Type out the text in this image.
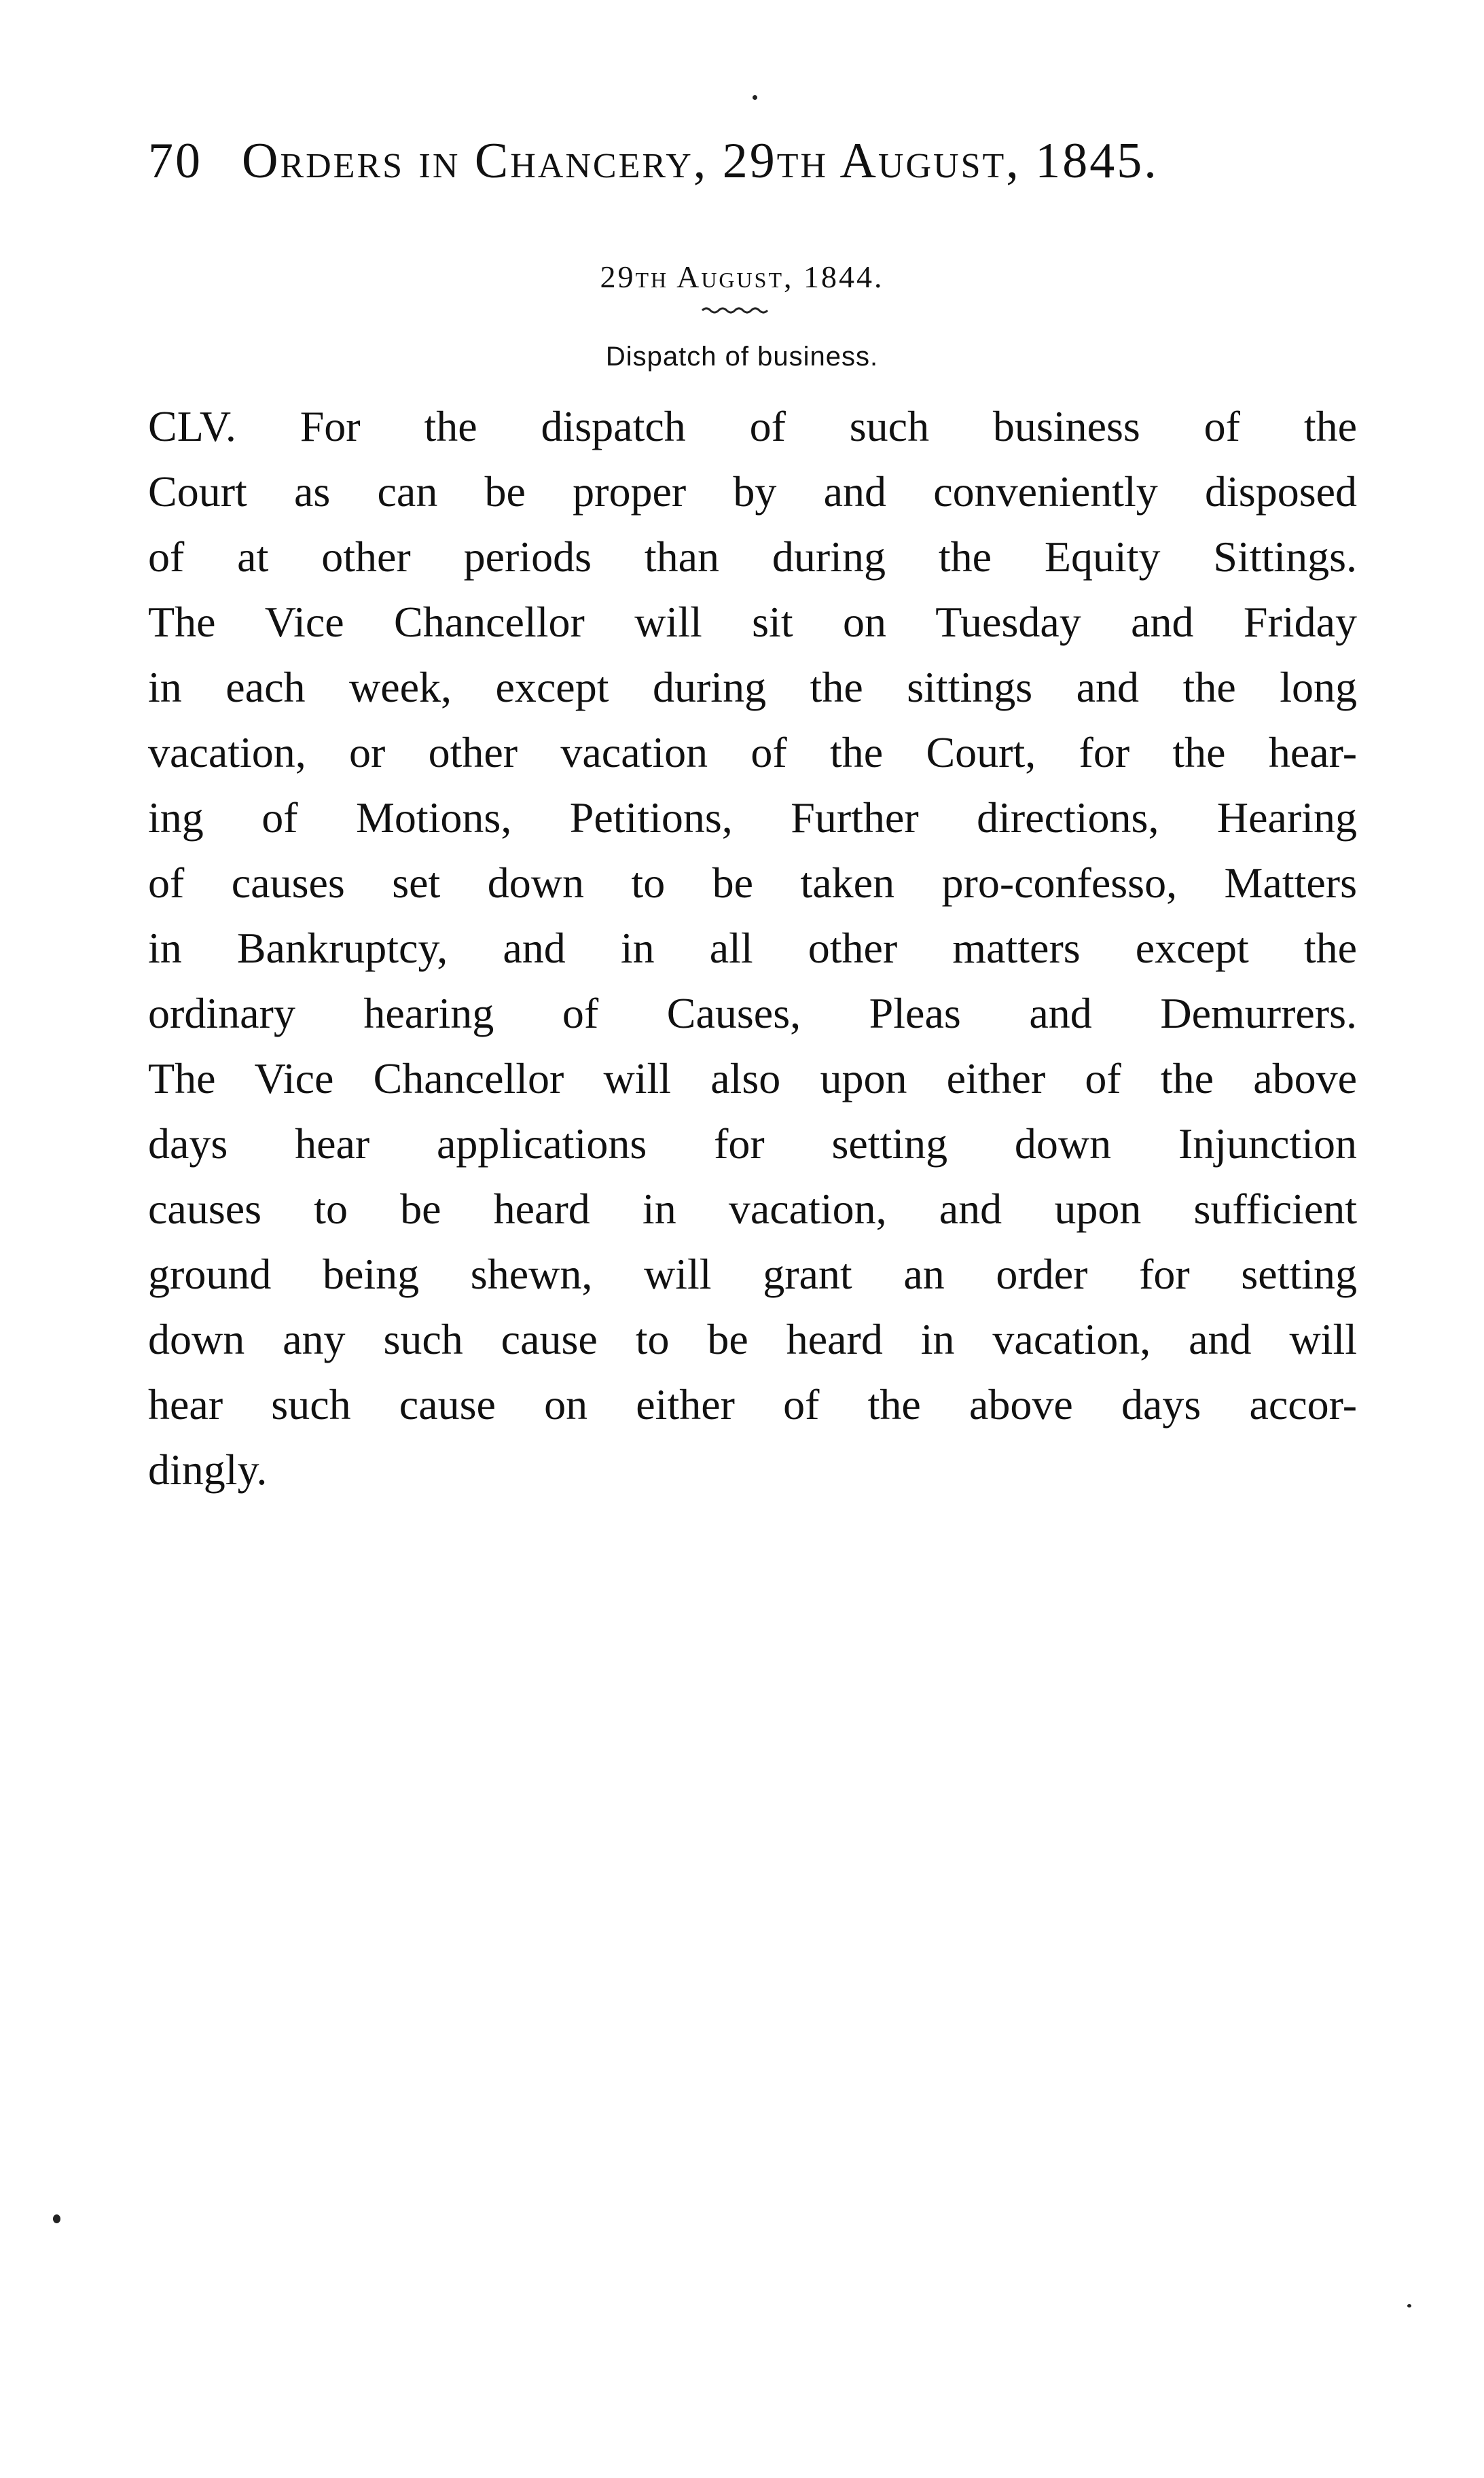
70 Orders in Chancery, 29th August, 1845.
29th August, 1844.
Dispatch of business.
CLV. For the dispatch of such business of the
Court as can be proper by and conveniently disposed
of at other periods than during the Equity Sittings.
The Vice Chancellor will sit on Tuesday and Friday
in each week, except during the sittings and the long
vacation, or other vacation of the Court, for the hear-
ing of Motions, Petitions, Further directions, Hearing
of causes set down to be taken pro-confesso, Matters
in Bankruptcy, and in all other matters except the
ordinary hearing of Causes, Pleas and Demurrers.
The Vice Chancellor will also upon either of the above
days hear applications for setting down Injunction
causes to be heard in vacation, and upon sufficient
ground being shewn, will grant an order for setting
down any such cause to be heard in vacation, and will
hear such cause on either of the above days accor-
dingly.
